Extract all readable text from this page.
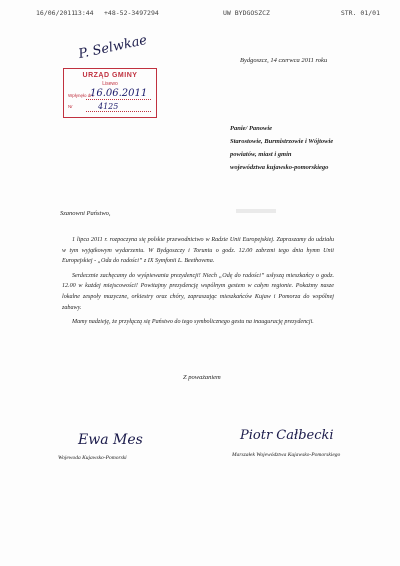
16/06/2011
13:44 +48-52-3497294	UW BYDGOSZCZ	STR. 01/01
P. Selwkae
URZĄD GMINY
Lisewo
Wpłynęło dn.
Nr
16.06.2011
4125
Bydgoszcz, 14 czerwca 2011 roku
Panie/ Panowie
Starostowie, Burmistrzowie i Wójtowie
powiatów, miast i gmin
województwa kujawsko-pomorskiego
Szanowni Państwo,

1 lipca 2011 r. rozpoczyna się polskie przewodnictwo w Radzie Unii Europejskiej. Zapraszamy do udziału w tym wyjątkowym wydarzeniu. W Bydgoszczy i Toruniu o godz. 12.00 zabrzmi tego dnia hymn Unii Europejskiej - „Oda do radości” z IX Symfonii L. Beethovena.

Serdecznie zachęcamy do wyśpiewania prezydencji! Niech „Odę do radości” usłyszą mieszkańcy o godz. 12.00 w każdej miejscowości! Powitajmy prezydencję wspólnym gestem w całym regionie. Pokażmy nasze lokalne zespoły muzyczne, orkiestry oraz chóry, zapraszając mieszkańców Kujaw i Pomorza do wspólnej zabawy.

Mamy nadzieję, że przyłączą się Państwo do tego symbolicznego gestu na inaugurację prezydencji.

Z poważaniem
Ewa Mes	Piotr Całbecki
Wojewoda Kujawsko-Pomorski	Marszałek Województwa Kujawsko-Pomorskiego
